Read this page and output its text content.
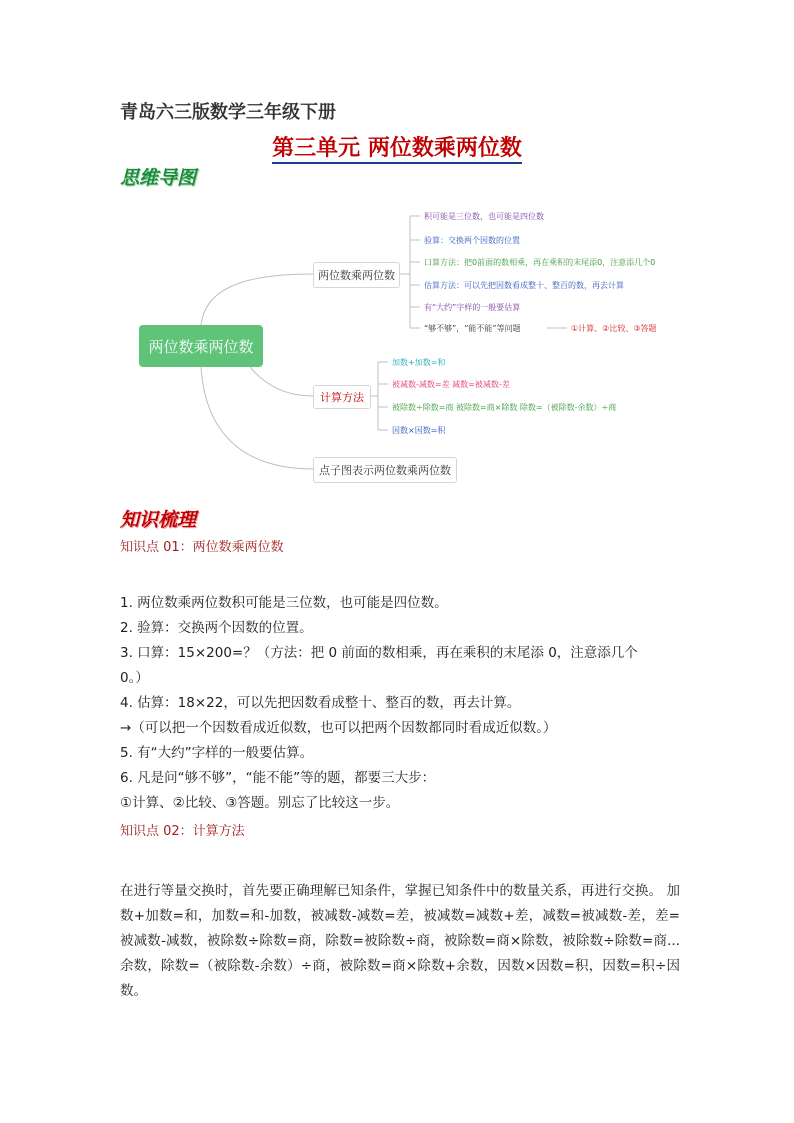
青岛六三版数学三年级下册
第三单元 两位数乘两位数
思维导图
两位数乘两位数
两位数乘两位数
计算方法
点子图表示两位数乘两位数
积可能是三位数，也可能是四位数
验算：交换两个因数的位置
口算方法：把0前面的数相乘，再在乘积的末尾添0，注意添几个0
估算方法：可以先把因数看成整十、整百的数，再去计算
有“大约”字样的一般要估算
“够不够”，“能不能”等问题	①计算、②比较、③答题
加数+加数=和
被减数-减数=差 减数=被减数-差
被除数÷除数=商 被除数=商×除数 除数=（被除数-余数）÷商
因数×因数=积
知识梳理
知识点 01：两位数乘两位数
1. 两位数乘两位数积可能是三位数，也可能是四位数。
2. 验算：交换两个因数的位置。
3. 口算：15×200=？（方法：把 0 前面的数相乘，再在乘积的末尾添 0，注意添几个
0。）
4. 估算：18×22，可以先把因数看成整十、整百的数，再去计算。
→（可以把一个因数看成近似数，也可以把两个因数都同时看成近似数。）
5. 有“大约”字样的一般要估算。
6. 凡是问“够不够”，“能不能”等的题，都要三大步：
①计算、②比较、③答题。别忘了比较这一步。
知识点 02：计算方法
在进行等量交换时，首先要正确理解已知条件，掌握已知条件中的数量关系，再进行交换。 加数+加数=和，加数=和-加数，被减数-减数=差，被减数=减数+差，减数=被减数-差，差=被减数-减数，被除数÷除数=商，除数=被除数÷商，被除数=商×除数，被除数÷除数=商... 余数，除数=（被除数-余数）÷商，被除数=商×除数+余数，因数×因数=积，因数=积÷因数。
